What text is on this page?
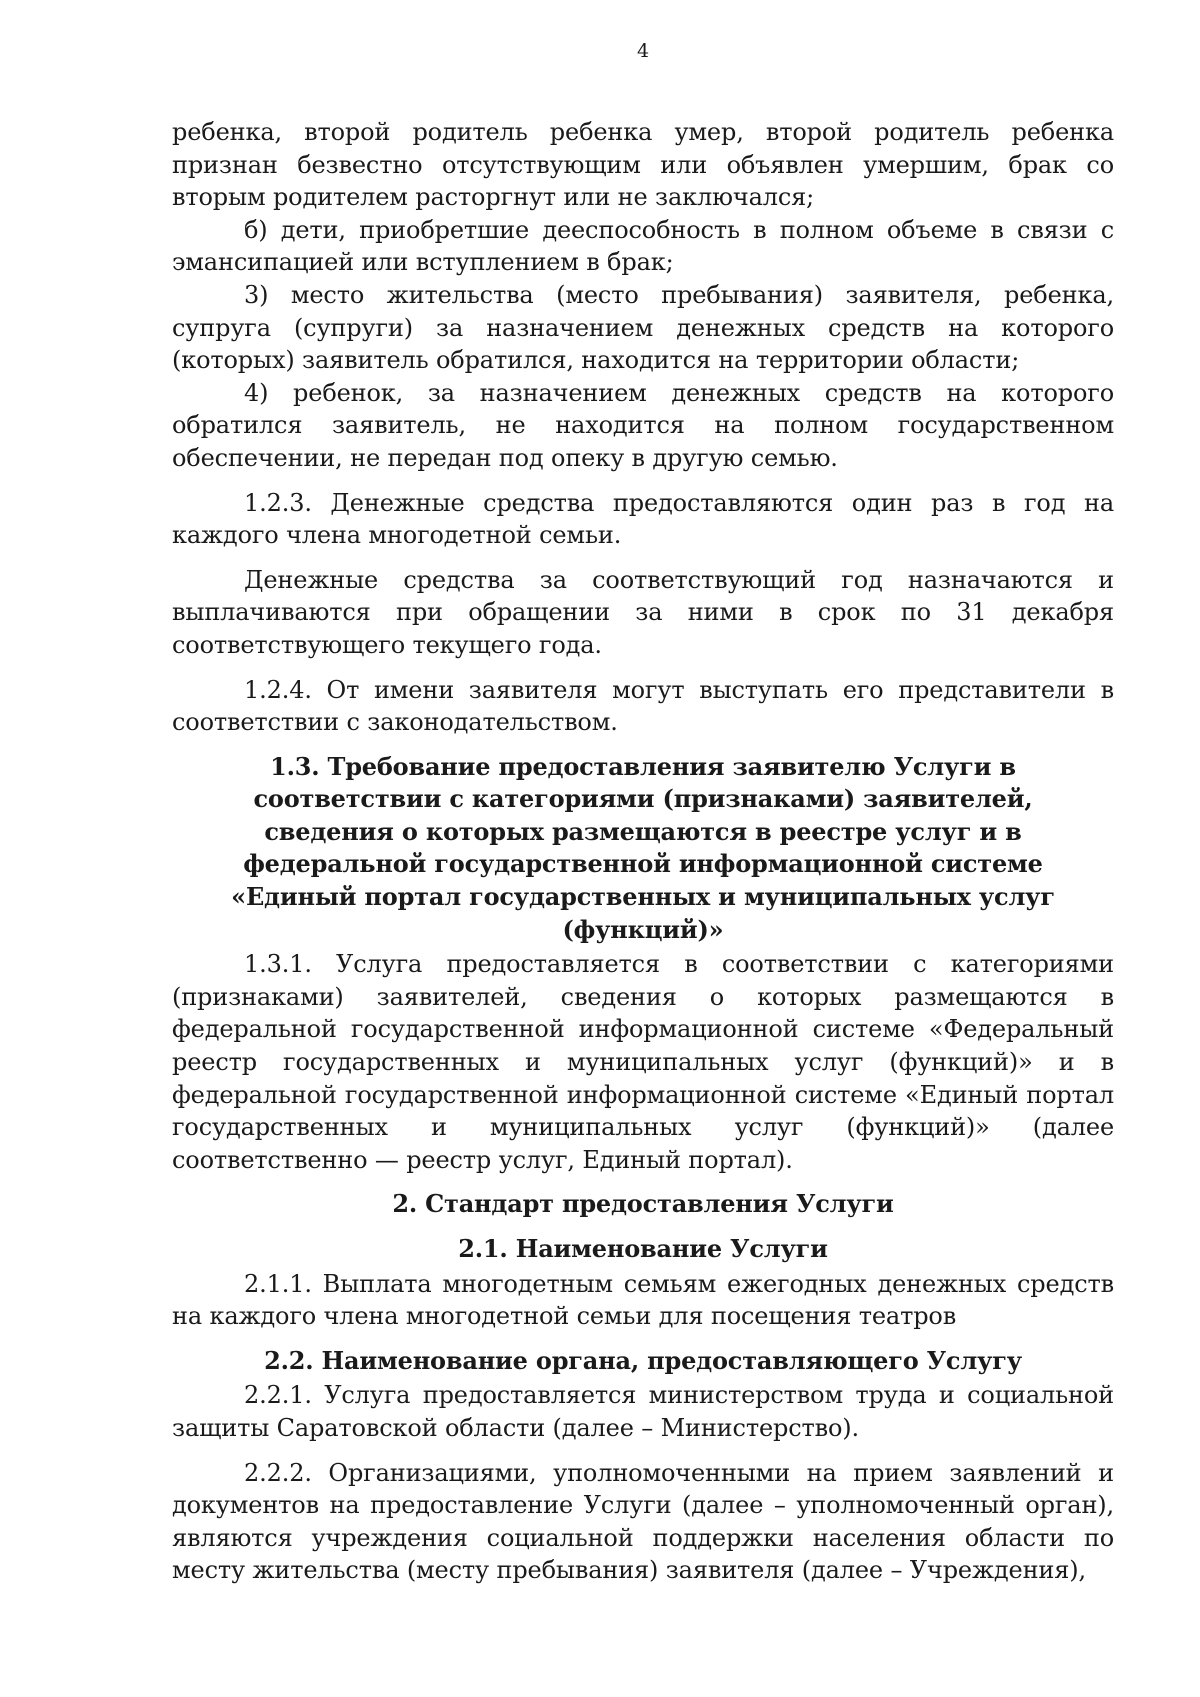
4

ребенка, второй родитель ребенка умер, второй родитель ребенка признан безвестно отсутствующим или объявлен умершим, брак со вторым родителем расторгнут или не заключался;

б) дети, приобретшие дееспособность в полном объеме в связи с эмансипацией или вступлением в брак;

3) место жительства (место пребывания) заявителя, ребенка, супруга (супруги) за назначением денежных средств на которого (которых) заявитель обратился, находится на территории области;

4) ребенок, за назначением денежных средств на которого обратился заявитель, не находится на полном государственном обеспечении, не передан под опеку в другую семью.

1.2.3. Денежные средства предоставляются один раз в год на каждого члена многодетной семьи.

Денежные средства за соответствующий год назначаются и выплачиваются при обращении за ними в срок по 31 декабря соответствующего текущего года.

1.2.4. От имени заявителя могут выступать его представители в соответствии с законодательством.

1.3. Требование предоставления заявителю Услуги в соответствии с категориями (признаками) заявителей, сведения о которых размещаются в реестре услуг и в федеральной государственной информационной системе «Единый портал государственных и муниципальных услуг (функций)»

1.3.1. Услуга предоставляется в соответствии с категориями (признаками) заявителей, сведения о которых размещаются в федеральной государственной информационной системе «Федеральный реестр государственных и муниципальных услуг (функций)» и в федеральной государственной информационной системе «Единый портал государственных и муниципальных услуг (функций)» (далее соответственно — реестр услуг, Единый портал).

2. Стандарт предоставления Услуги
2.1. Наименование Услуги

2.1.1. Выплата многодетным семьям ежегодных денежных средств на каждого члена многодетной семьи для посещения театров

2.2. Наименование органа, предоставляющего Услугу

2.2.1. Услуга предоставляется министерством труда и социальной защиты Саратовской области (далее – Министерство).

2.2.2. Организациями, уполномоченными на прием заявлений и документов на предоставление Услуги (далее – уполномоченный орган), являются учреждения социальной поддержки населения области по месту жительства (месту пребывания) заявителя (далее – Учреждения),
